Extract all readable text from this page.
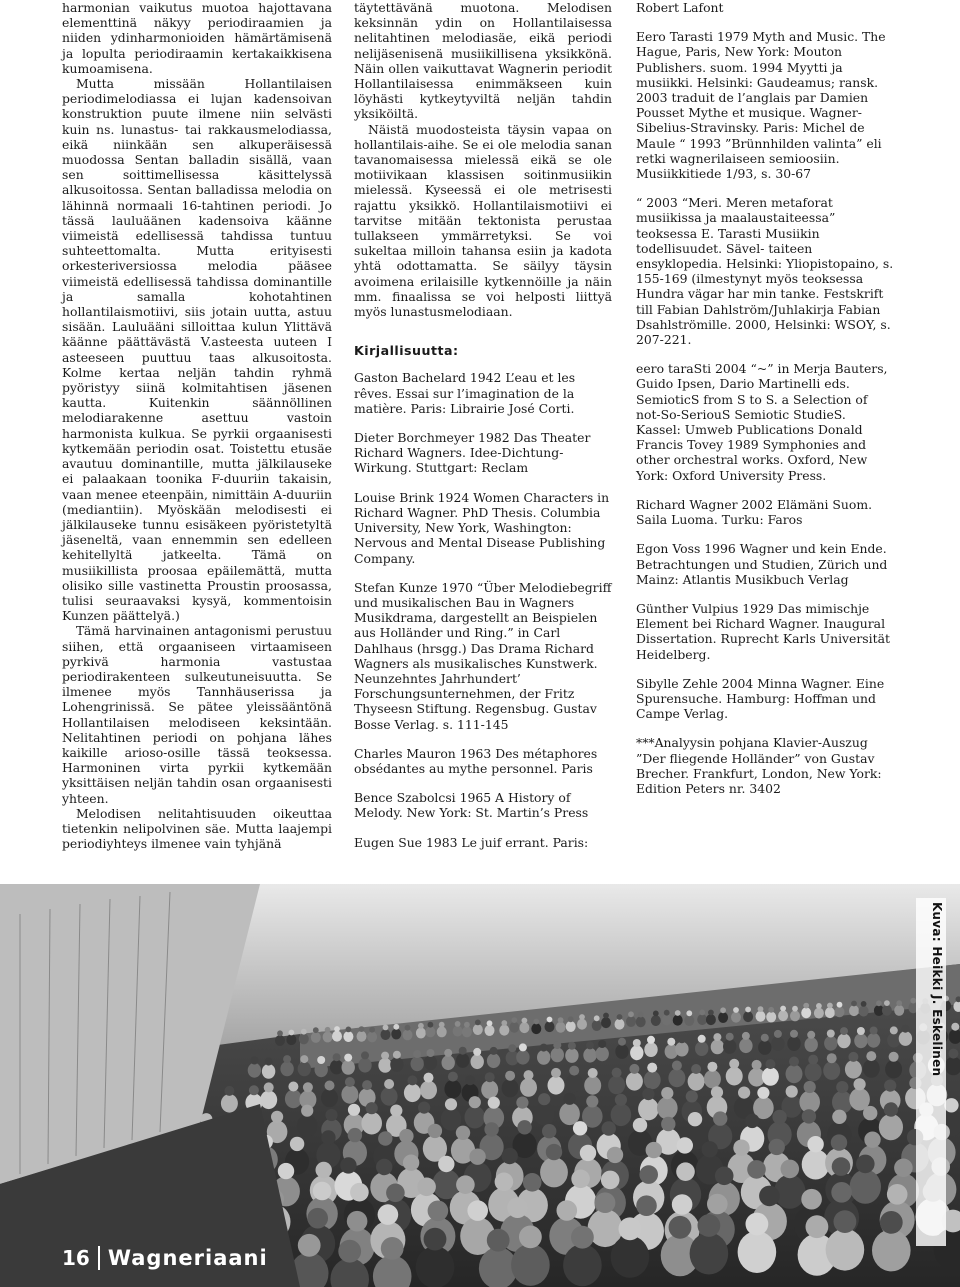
harmonian vaikutus muotoa hajottavana elementtinä näkyy periodiraamien ja niiden ydinharmonioiden hämärtämisenä ja lopulta periodiraamin kertakaikkisena kumoamisena.

Mutta missään Hollantilaisen periodimelodiassa ei lujan kadensoivan konstruktion puute ilmene niin selvästi kuin ns. lunastus- tai rakkausmelodiassa, eikä niinkään sen alkuperäisessä muodossa Sentan balladin sisällä, vaan sen soittimellisessa käsittelyssä alkusoitossa. Sentan balladissa melodia on lähinnä normaali 16-tahtinen periodi. Jo tässä lauluäänen kadensoiva käänne viimeistä edellisessä tahdissa tuntuu suhteettomalta. Mutta erityisesti orkesteriversiossa melodia pääsee viimeistä edellisessä tahdissa dominantille ja samalla kohotahtinen hollantilaismotiivi, siis jotain uutta, astuu sisään. Lauluääni silloittaa kulun Ylittävä käänne päättävästä V.asteesta uuteen I asteeseen puuttuu taas alkusoitosta. Kolme kertaa neljän tahdin ryhmä pyöristyy siinä kolmitahtisen jäsenen kautta. Kuitenkin säännöllinen melodiarakenne asettuu vastoin harmonista kulkua. Se pyrkii orgaanisesti kytkemään periodin osat. Toistettu etusäe avautuu dominantille, mutta jälkilauseke ei palaakaan toonika F-duuriin takaisin, vaan menee eteenpäin, nimittäin A-duuriin (mediantiin). Myöskään melodisesti ei jälkilauseke tunnu esisäkeen pyöristetyltä jäseneltä, vaan ennemmin sen edelleen kehitellyltä jatkeelta. Tämä on musiikillista proosaa epäilemättä, mutta olisiko sille vastinetta Proustin proosassa, tulisi seuraavaksi kysyä, kommentoisin Kunzen päättelyä.)

Tämä harvinainen antagonismi perustuu siihen, että orgaaniseen virtaamiseen pyrkivä harmonia vastustaa periodirakenteen sulkeutuneisuutta. Se ilmenee myös Tannhäuserissa ja Lohengrinissä. Se pätee yleissääntönä Hollantilaisen melodiseen keksintään. Nelitahtinen periodi on pohjana lähes kaikille arioso-osille tässä teoksessa. Harmoninen virta pyrkii kytkemään yksittäisen neljän tahdin osan orgaanisesti yhteen.

Melodisen nelitahtisuuden oikeuttaa tietenkin nelipolvinen säe. Mutta laajempi periodiyhteys ilmenee vain tyhjänä

täytettävänä muotona. Melodisen keksinnän ydin on Hollantilaisessa nelitahtinen melodiasäe, eikä periodi nelijäsenisenä musiikillisena yksikkönä. Näin ollen vaikuttavat Wagnerin periodit Hollantilaisessa enimmäkseen kuin löyhästi kytkeytyviltä neljän tahdin yksiköiltä.

Näistä muodosteista täysin vapaa on hollantilais-aihe. Se ei ole melodia sanan tavanomaisessa mielessä eikä se ole motiivikaan klassisen soitinmusiikin mielessä. Kyseessä ei ole metrisesti rajattu yksikkö. Hollantilaismotiivi ei tarvitse mitään tektonista perustaa tullakseen ymmärretyksi. Se voi sukeltaa milloin tahansa esiin ja kadota yhtä odottamatta. Se säilyy täysin avoimena erilaisille kytkennöille ja näin mm. finaalissa se voi helposti liittyä myös lunastusmelodiaan.

Kirjallisuutta:

Gaston Bachelard 1942 L’eau et les rêves. Essai sur l’imagination de la matière. Paris: Librairie José Corti.

Dieter Borchmeyer 1982 Das Theater Richard Wagners. Idee-Dichtung-Wirkung. Stuttgart: Reclam

Louise Brink 1924 Women Characters in Richard Wagner. PhD Thesis. Columbia University, New York, Washington: Nervous and Mental Disease Publishing Company.

Stefan Kunze 1970 “Über Melodiebegriff und musikalischen Bau in Wagners Musikdrama, dargestellt an Beispielen aus Holländer und Ring.” in Carl Dahlhaus (hrsgg.) Das Drama Richard Wagners als musikalisches Kunstwerk. Neunzehntes Jahrhundert’ Forschungsunternehmen, der Fritz Thyseesn Stiftung. Regensbug. Gustav Bosse Verlag. s. 111-145

Charles Mauron 1963 Des métaphores obsédantes au mythe personnel. Paris

Bence Szabolcsi 1965 A History of Melody. New York: St. Martin’s Press

Eugen Sue 1983 Le juif errant. Paris:

Robert Lafont

Eero Tarasti 1979 Myth and Music. The Hague, Paris, New York: Mouton Publishers. suom. 1994 Myytti ja musiikki. Helsinki: Gaudeamus; ransk. 2003 traduit de l’anglais par Damien Pousset Mythe et musique. Wagner-Sibelius-Stravinsky. Paris: Michel de Maule “ 1993 ”Brünnhilden valinta” eli retki wagnerilaiseen semioosiin. Musiikkitiede 1/93, s. 30-67

“ 2003 “Meri. Meren metaforat musiikissa ja maalaustaiteessa” teoksessa E. Tarasti Musiikin todellisuudet. Sävel- taiteen ensyklopedia. Helsinki: Yliopistopaino, s. 155-169 (ilmestynyt myös teoksessa Hundra vägar har min tanke. Festskrift till Fabian Dahlström/Juhlakirja Fabian Dsahlströmille. 2000, Helsinki: WSOY, s. 207-221.

eero taraSti 2004 “~” in Merja Bauters, Guido Ipsen, Dario Martinelli eds. SemioticS from S to S. a Selection of not-So-SeriouS Semiotic StudieS. Kassel: Umweb Publications Donald Francis Tovey 1989 Symphonies and other orchestral works. Oxford, New York: Oxford University Press.

Richard Wagner 2002 Elämäni Suom. Saila Luoma. Turku: Faros

Egon Voss 1996 Wagner und kein Ende. Betrachtungen und Studien, Zürich und Mainz: Atlantis Musikbuch Verlag

Günther Vulpius 1929 Das mimischje Element bei Richard Wagner. Inaugural Dissertation. Ruprecht Karls Universität Heidelberg.

Sibylle Zehle 2004 Minna Wagner. Eine Spurensuche. Hamburg: Hoffman und Campe Verlag.

***Analyysin pohjana Klavier-Auszug ”Der fliegende Holländer” von Gustav Brecher. Frankfurt, London, New York: Edition Peters nr. 3402

Kuva: Heikki J. Eskelinen
16 Wagneriaani
